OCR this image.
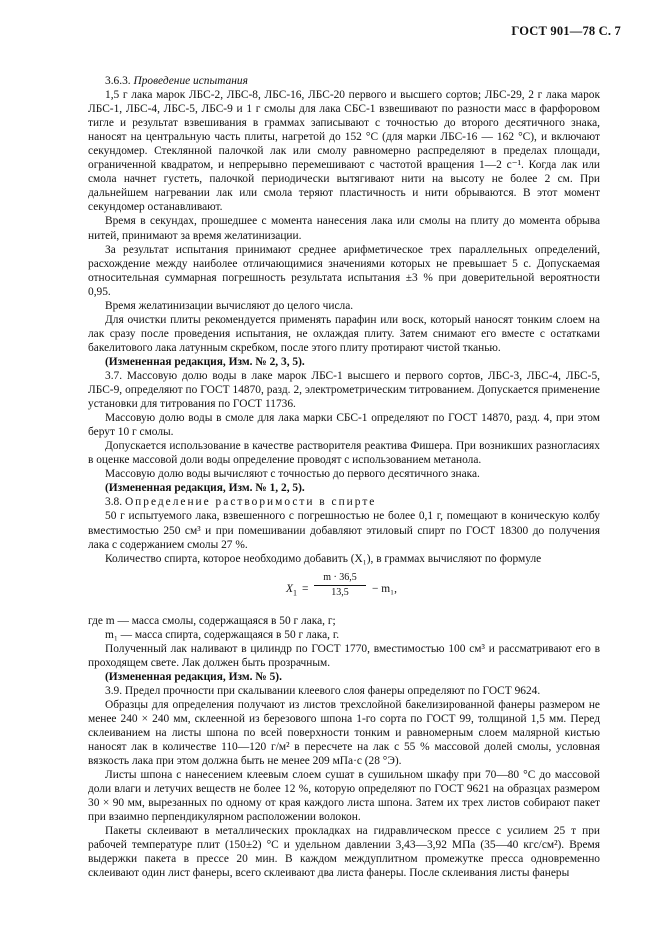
ГОСТ 901—78 С. 7

3.6.3. Проведение испытания

1,5 г лака марок ЛБС-2, ЛБС-8, ЛБС-16, ЛБС-20 первого и высшего сортов; ЛБС-29, 2 г лака марок ЛБС-1, ЛБС-4, ЛБС-5, ЛБС-9 и 1 г смолы для лака СБС-1 взвешивают по разности масс в фарфоровом тигле и результат взвешивания в граммах записывают с точностью до второго десятичного знака, наносят на центральную часть плиты, нагретой до 152 °С (для марки ЛБС-16 — 162 °С), и включают секундомер. Стеклянной палочкой лак или смолу равномерно распределяют в пределах площади, ограниченной квадратом, и непрерывно перемешивают с частотой вращения 1—2 с⁻¹. Когда лак или смола начнет густеть, палочкой периодически вытягивают нити на высоту не более 2 см. При дальнейшем нагревании лак или смола теряют пластичность и нити обрываются. В этот момент секундомер останавливают.

Время в секундах, прошедшее с момента нанесения лака или смолы на плиту до момента обрыва нитей, принимают за время желатинизации.

За результат испытания принимают среднее арифметическое трех параллельных определений, расхождение между наиболее отличающимися значениями которых не превышает 5 с. Допускаемая относительная суммарная погрешность результата испытания ±3 % при доверительной вероятности 0,95.

Время желатинизации вычисляют до целого числа.

Для очистки плиты рекомендуется применять парафин или воск, который наносят тонким слоем на лак сразу после проведения испытания, не охлаждая плиту. Затем снимают его вместе с остатками бакелитового лака латунным скребком, после этого плиту протирают чистой тканью.

(Измененная редакция, Изм. № 2, 3, 5).

3.7. Массовую долю воды в лаке марок ЛБС-1 высшего и первого сортов, ЛБС-3, ЛБС-4, ЛБС-5, ЛБС-9, определяют по ГОСТ 14870, разд. 2, электрометрическим титрованием. Допускается применение установки для титрования по ГОСТ 11736.

Массовую долю воды в смоле для лака марки СБС-1 определяют по ГОСТ 14870, разд. 4, при этом берут 10 г смолы.

Допускается использование в качестве растворителя реактива Фишера. При возникших разногласиях в оценке массовой доли воды определение проводят с использованием метанола.

Массовую долю воды вычисляют с точностью до первого десятичного знака.

(Измененная редакция, Изм. № 1, 2, 5).

3.8. Определение растворимости в спирте

50 г испытуемого лака, взвешенного с погрешностью не более 0,1 г, помещают в коническую колбу вместимостью 250 см³ и при помешивании добавляют этиловый спирт по ГОСТ 18300 до получения лака с содержанием смолы 27 %.

Количество спирта, которое необходимо добавить (X₁), в граммах вычисляют по формуле

$X_1 = \frac{m \cdot 36,5}{13,5} - m_1$,

где m — масса смолы, содержащаяся в 50 г лака, г;

m₁ — масса спирта, содержащаяся в 50 г лака, г.

Полученный лак наливают в цилиндр по ГОСТ 1770, вместимостью 100 см³ и рассматривают его в проходящем свете. Лак должен быть прозрачным.

(Измененная редакция, Изм. № 5).

3.9. Предел прочности при скалывании клеевого слоя фанеры определяют по ГОСТ 9624.

Образцы для определения получают из листов трехслойной бакелизированной фанеры размером не менее 240 × 240 мм, склеенной из березового шпона 1-го сорта по ГОСТ 99, толщиной 1,5 мм. Перед склеиванием на листы шпона по всей поверхности тонким и равномерным слоем малярной кистью наносят лак в количестве 110—120 г/м² в пересчете на лак с 55 % массовой долей смолы, условная вязкость лака при этом должна быть не менее 209 мПа·с (28 °Э).

Листы шпона с нанесением клеевым слоем сушат в сушильном шкафу при 70—80 °С до массовой доли влаги и летучих веществ не более 12 %, которую определяют по ГОСТ 9621 на образцах размером 30 × 90 мм, вырезанных по одному от края каждого листа шпона. Затем их трех листов собирают пакет при взаимно перпендикулярном расположении волокон.

Пакеты склеивают в металлических прокладках на гидравлическом прессе с усилием 25 т при рабочей температуре плит (150±2) °С и удельном давлении 3,43—3,92 МПа (35—40 кгс/см²). Время выдержки пакета в прессе 20 мин. В каждом междуплитном промежутке пресса одновременно склеивают один лист фанеры, всего склеивают два листа фанеры. После склеивания листы фанеры
